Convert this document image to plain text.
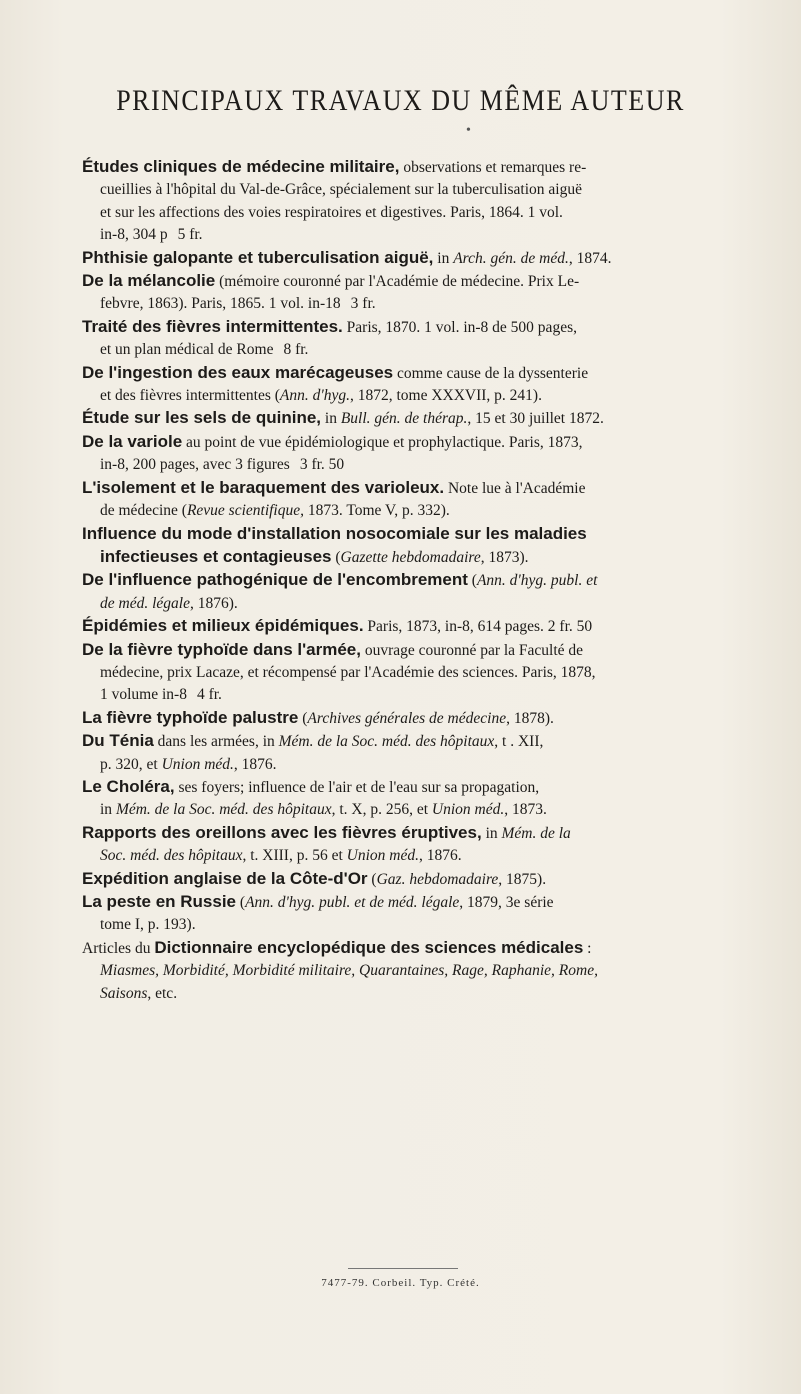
PRINCIPAUX TRAVAUX DU MÊME AUTEUR
•

Études cliniques de médecine militaire, observations et remarques re-
cueillies à l'hôpital du Val-de-Grâce, spécialement sur la tuberculisation aiguë
et sur les affections des voies respiratoires et digestives. Paris, 1864. 1 vol.
in-8, 304 p 5 fr.

Phthisie galopante et tuberculisation aiguë, in Arch. gén. de méd., 1874.

De la mélancolie (mémoire couronné par l'Académie de médecine. Prix Le-
febvre, 1863). Paris, 1865. 1 vol. in-18 3 fr.

Traité des fièvres intermittentes. Paris, 1870. 1 vol. in-8 de 500 pages,
et un plan médical de Rome 8 fr.

De l'ingestion des eaux marécageuses comme cause de la dyssenterie
et des fièvres intermittentes (Ann. d'hyg., 1872, tome XXXVII, p. 241).

Étude sur les sels de quinine, in Bull. gén. de thérap., 15 et 30 juillet 1872.

De la variole au point de vue épidémiologique et prophylactique. Paris, 1873,
in-8, 200 pages, avec 3 figures 3 fr. 50

L'isolement et le baraquement des varioleux. Note lue à l'Académie
de médecine (Revue scientifique, 1873. Tome V, p. 332).

Influence du mode d'installation nosocomiale sur les maladies
infectieuses et contagieuses (Gazette hebdomadaire, 1873).

De l'influence pathogénique de l'encombrement (Ann. d'hyg. publ. et
de méd. légale, 1876).

Épidémies et milieux épidémiques. Paris, 1873, in-8, 614 pages. 2 fr. 50

De la fièvre typhoïde dans l'armée, ouvrage couronné par la Faculté de
médecine, prix Lacaze, et récompensé par l'Académie des sciences. Paris, 1878,
1 volume in-8 4 fr.

La fièvre typhoïde palustre (Archives générales de médecine, 1878).

Du Ténia dans les armées, in Mém. de la Soc. méd. des hôpitaux, t . XII,
p. 320, et Union méd., 1876.

Le Choléra, ses foyers; influence de l'air et de l'eau sur sa propagation,
in Mém. de la Soc. méd. des hôpitaux, t. X, p. 256, et Union méd., 1873.

Rapports des oreillons avec les fièvres éruptives, in Mém. de la
Soc. méd. des hôpitaux, t. XIII, p. 56 et Union méd., 1876.

Expédition anglaise de la Côte-d'Or (Gaz. hebdomadaire, 1875).

La peste en Russie (Ann. d'hyg. publ. et de méd. légale, 1879, 3e série
tome I, p. 193).

Articles du Dictionnaire encyclopédique des sciences médicales :
Miasmes, Morbidité, Morbidité militaire, Quarantaines, Rage, Raphanie, Rome,
Saisons, etc.

7477-79. Corbeil. Typ. Crété.
